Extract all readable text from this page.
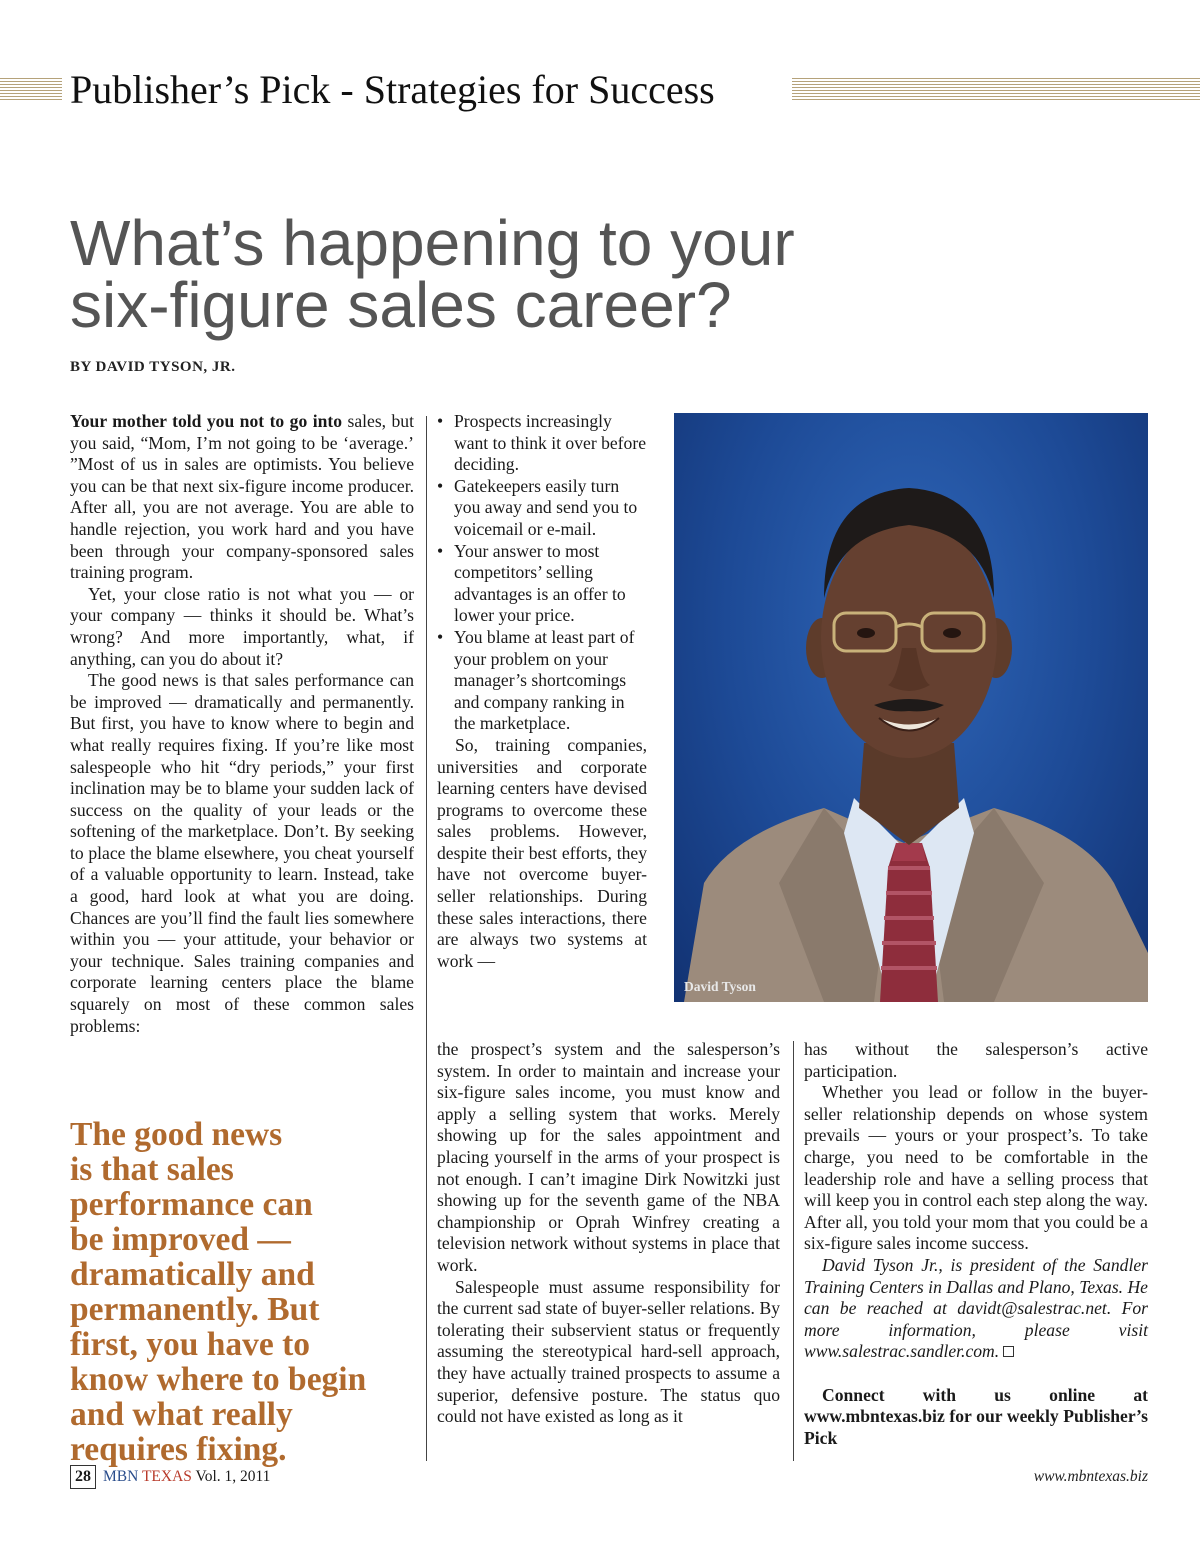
Publisher’s Pick - Strategies for Success
What’s happening to your
six-figure sales career?
BY DAVID TYSON, JR.

Your mother told you not to go into sales, but you said, “Mom, I’m not going to be ‘average.’ ”Most of us in sales are optimists. You believe you can be that next six-figure income producer. After all, you are not average. You are able to handle rejection, you work hard and you have been through your company-sponsored sales training program.

Yet, your close ratio is not what you — or your company — thinks it should be. What’s wrong? And more importantly, what, if anything, can you do about it?

The good news is that sales performance can be improved — dramatically and permanently. But first, you have to know where to begin and what really requires fixing. If you’re like most salespeople who hit “dry periods,” your first inclination may be to blame your sudden lack of success on the quality of your leads or the softening of the marketplace. Don’t. By seeking to place the blame elsewhere, you cheat yourself of a valuable opportunity to learn. Instead, take a good, hard look at what you are doing. Chances are you’ll find the fault lies somewhere within you — your attitude, your behavior or your technique. Sales training companies and corporate learning centers place the blame squarely on most of these common sales problems:

The good news
is that sales
performance can
be improved —
dramatically and
permanently. But
first, you have to
know where to begin
and what really
requires fixing.
• Prospects increasingly want to think it over before deciding.
• Gatekeepers easily turn you away and send you to voicemail or e-mail.
• Your answer to most competitors’ selling advantages is an offer to lower your price.
• You blame at least part of your problem on your manager’s shortcomings and company ranking in the marketplace.

So, training companies, universities and corporate learning centers have devised programs to overcome these sales problems. However, despite their best efforts, they have not overcome buyer-seller relationships. During these sales interactions, there are always two systems at work —

David Tyson

the prospect’s system and the salesperson’s system. In order to maintain and increase your six-figure sales income, you must know and apply a selling system that works. Merely showing up for the sales appointment and placing yourself in the arms of your prospect is not enough. I can’t imagine Dirk Nowitzki just showing up for the seventh game of the NBA championship or Oprah Winfrey creating a television network without systems in place that work.

Salespeople must assume responsibility for the current sad state of buyer-seller relations. By tolerating their subservient status or frequently assuming the stereotypical hard-sell approach, they have actually trained prospects to assume a superior, defensive posture. The status quo could not have existed as long as it

has without the salesperson’s active participation.

Whether you lead or follow in the buyer-seller relationship depends on whose system prevails — yours or your prospect’s. To take charge, you need to be comfortable in the leadership role and have a selling process that will keep you in control each step along the way. After all, you told your mom that you could be a six-figure sales income success.

David Tyson Jr., is president of the Sandler Training Centers in Dallas and Plano, Texas. He can be reached at davidt@salestrac.net. For more information, please visit www.salestrac.sandler.com.

Connect with us online at www.mbntexas.biz for our weekly Publisher’s Pick

28 MBN TEXAS Vol. 1, 2011	www.mbntexas.biz
